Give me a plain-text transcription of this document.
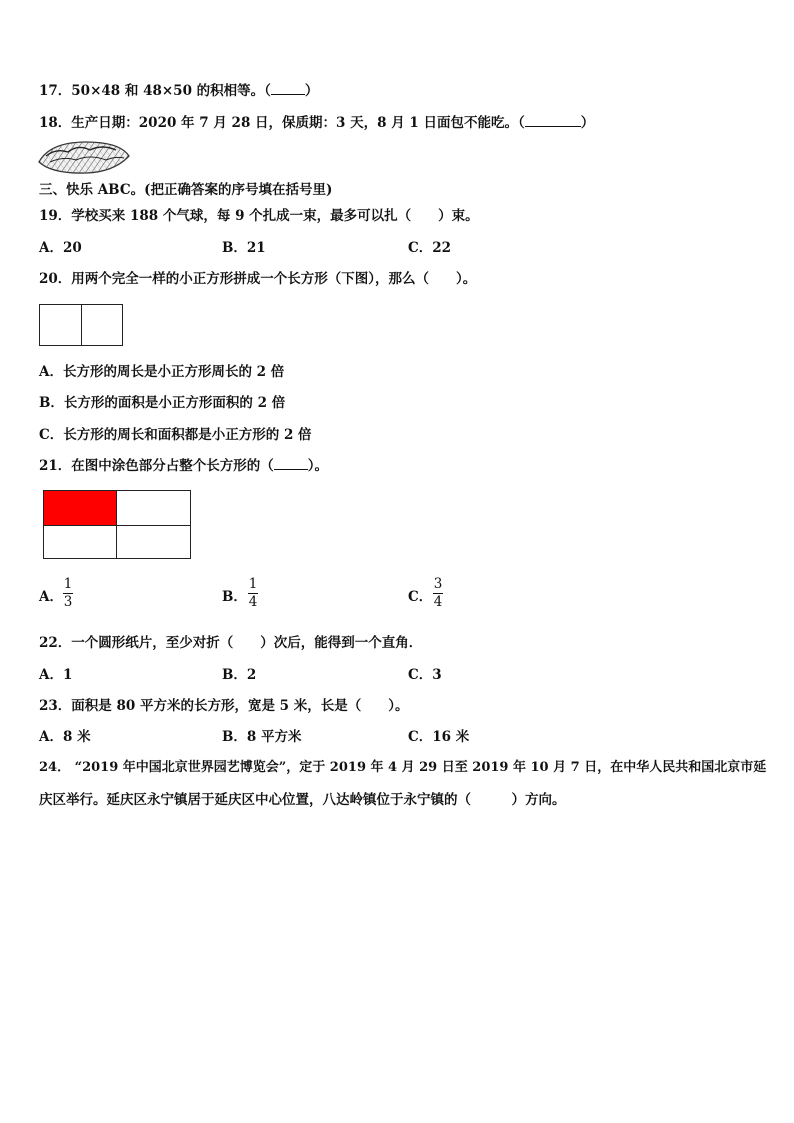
17．50×48 和 48×50 的积相等。（	）
18．生产日期：2020 年 7 月 28 日，保质期：3 天，8 月 1 日面包不能吃。（	）
三、快乐 ABC。(把正确答案的序号填在括号里)
19．学校买来 188 个气球，每 9 个扎成一束，最多可以扎（　　）束。
A．20	B．21	C．22
20．用两个完全一样的小正方形拼成一个长方形（下图），那么（　　）。
A．长方形的周长是小正方形周长的 2 倍
B．长方形的面积是小正方形面积的 2 倍
C．长方形的周长和面积都是小正方形的 2 倍
21．在图中涂色部分占整个长方形的（	）。
A．
1
3	B．
1
4	C．
3
4
22．一个圆形纸片，至少对折（　　）次后，能得到一个直角．
A．1	B．2	C．3
23．面积是 80 平方米的长方形，宽是 5 米，长是（　　）。
A．8 米	B．8 平方米	C．16 米
24． “2019 年中国北京世界园艺博览会”，定于 2019 年 4 月 29 日至 2019 年 10 月 7 日，在中华人民共和国北京市延
庆区举行。延庆区永宁镇居于延庆区中心位置，八达岭镇位于永宁镇的（　　　）方向。
